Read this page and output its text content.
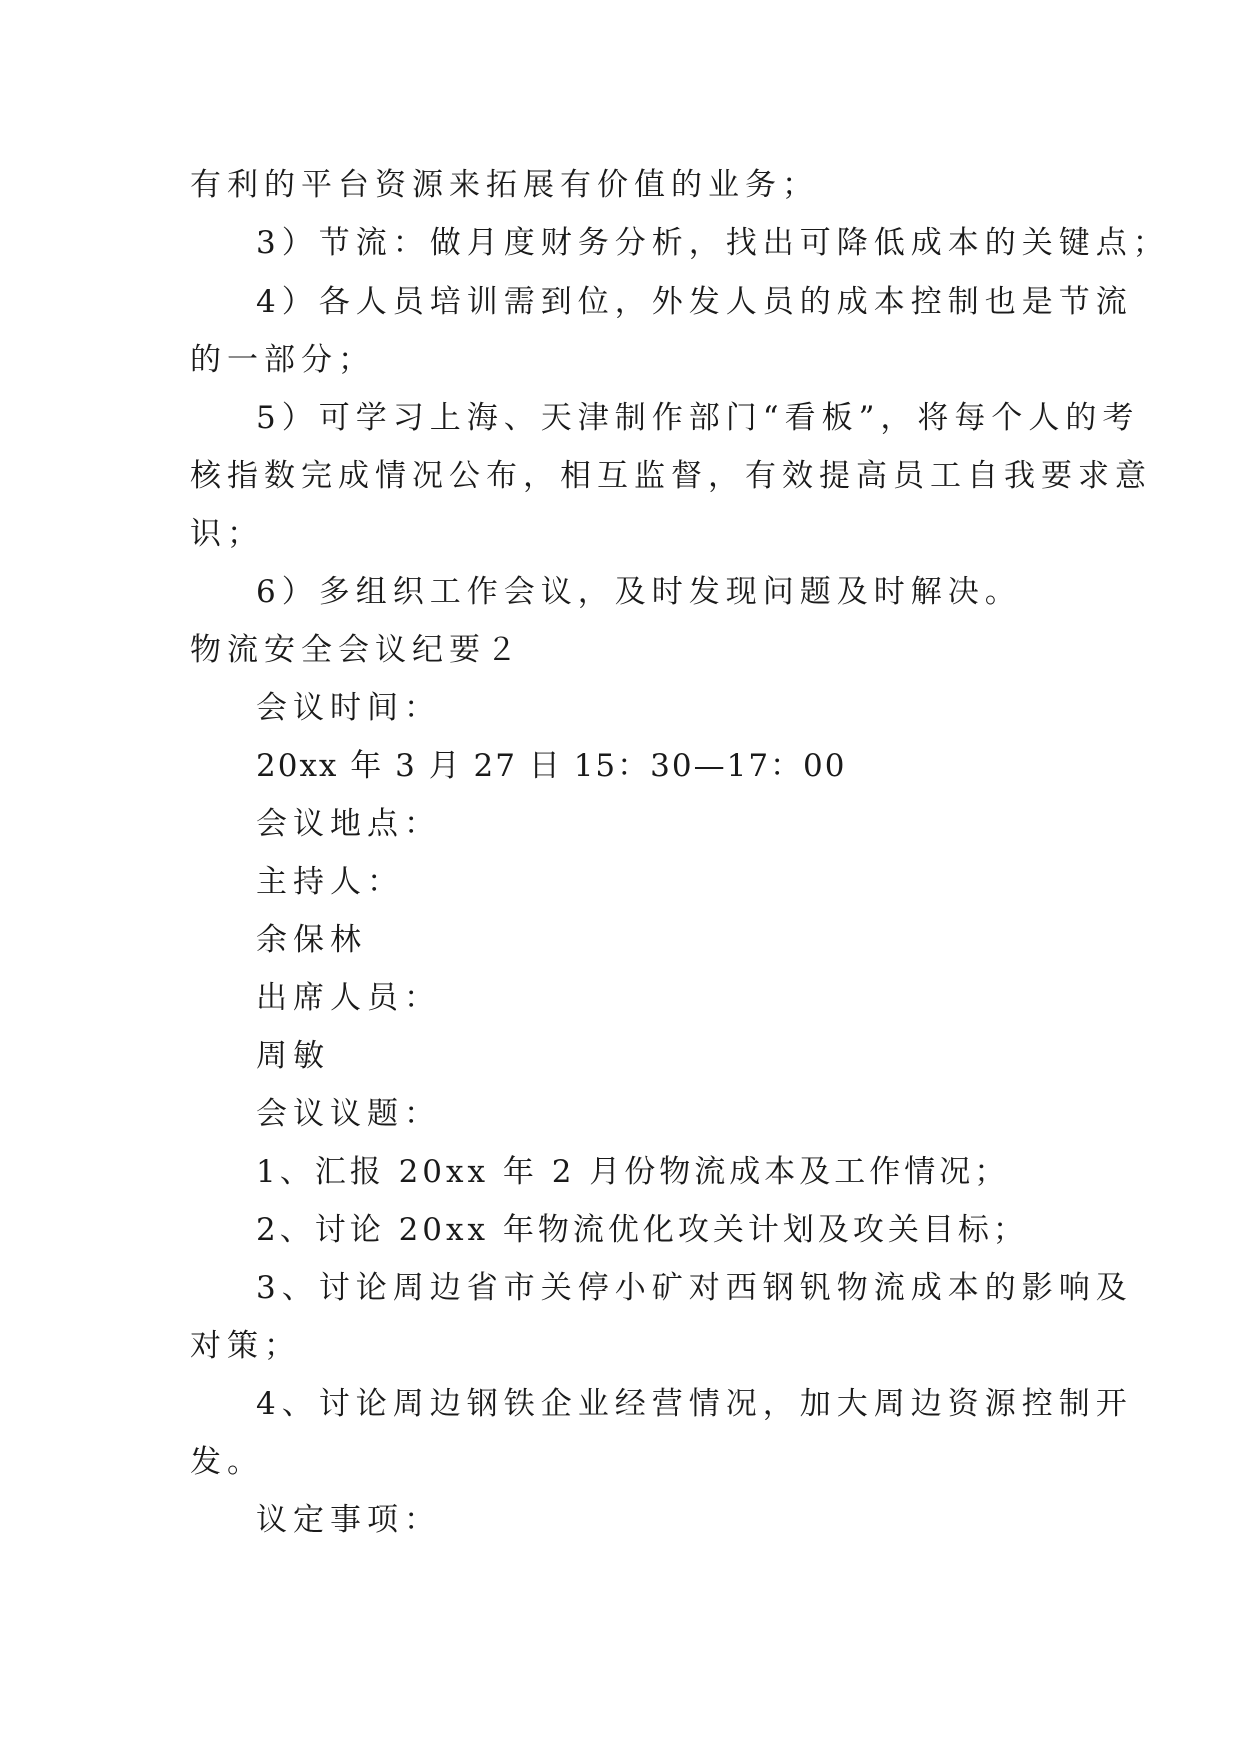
有利的平台资源来拓展有价值的业务；
3）节流：做月度财务分析，找出可降低成本的关键点；
4）各人员培训需到位，外发人员的成本控制也是节流
的一部分；
5）可学习上海、天津制作部门“看板”，将每个人的考
核指数完成情况公布，相互监督，有效提高员工自我要求意
识；
6）多组织工作会议，及时发现问题及时解决。
物流安全会议纪要２
会议时间：
20xx 年 3 月 27 日 15：30—17：00
会议地点：
主持人：
余保林
出席人员：
周敏
会议议题：
1、汇报 20xx 年 2 月份物流成本及工作情况；
2、讨论 20xx 年物流优化攻关计划及攻关目标；
3、讨论周边省市关停小矿对西钢钒物流成本的影响及
对策；
4、讨论周边钢铁企业经营情况，加大周边资源控制开
发。
议定事项：
